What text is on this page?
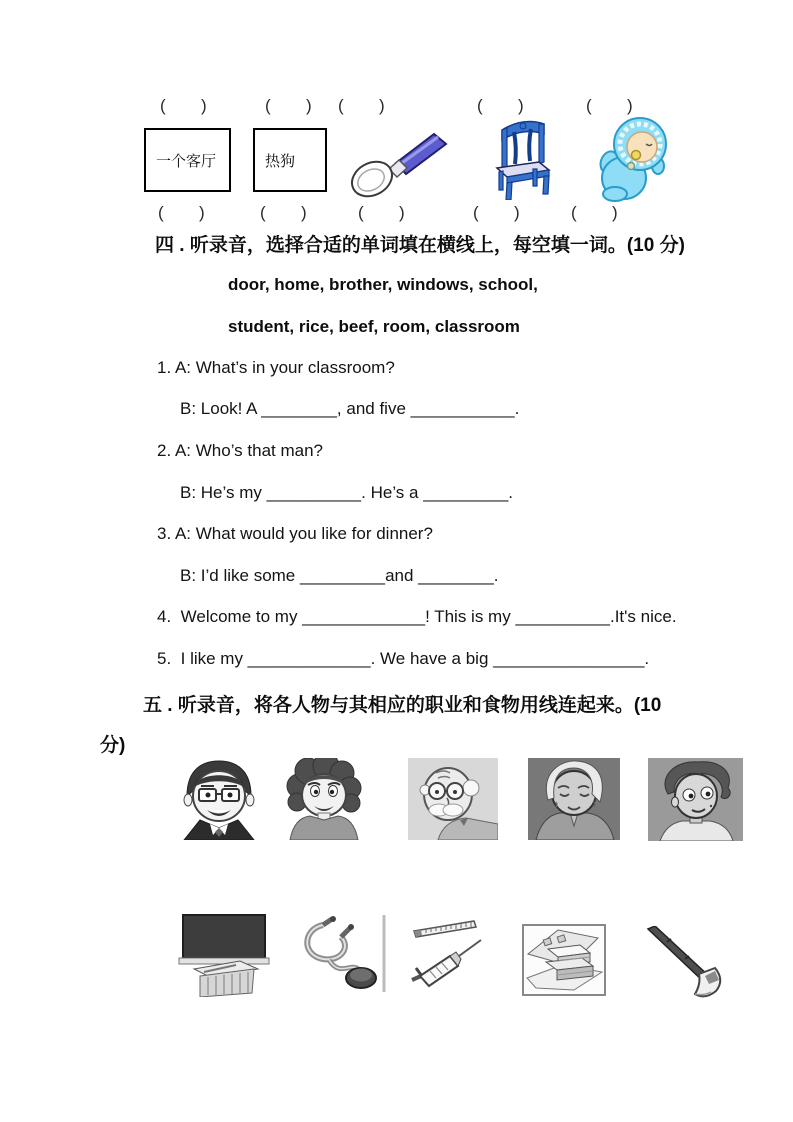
(      )	(      ) (      )	(      )	(      )
一个客厅	热狗
(      )	(      )	(      )	(      )	(      )
四 . 听录音，选择合适的单词填在横线上，每空填一词。(10 分)
door, home, brother, windows, school,
student, rice, beef, room, classroom
1. A: What’s in your classroom?
B: Look! A ________, and five ___________.
2. A: Who’s that man?
B: He’s my __________. He’s a _________.
3. A: What would you like for dinner?
B: I’d like some _________and ________.
4.  Welcome to my _____________! This is my __________.It's nice.
5.  I like my _____________. We have a big ________________.
五 . 听录音，将各人物与其相应的职业和食物用线连起来。(10
分)
